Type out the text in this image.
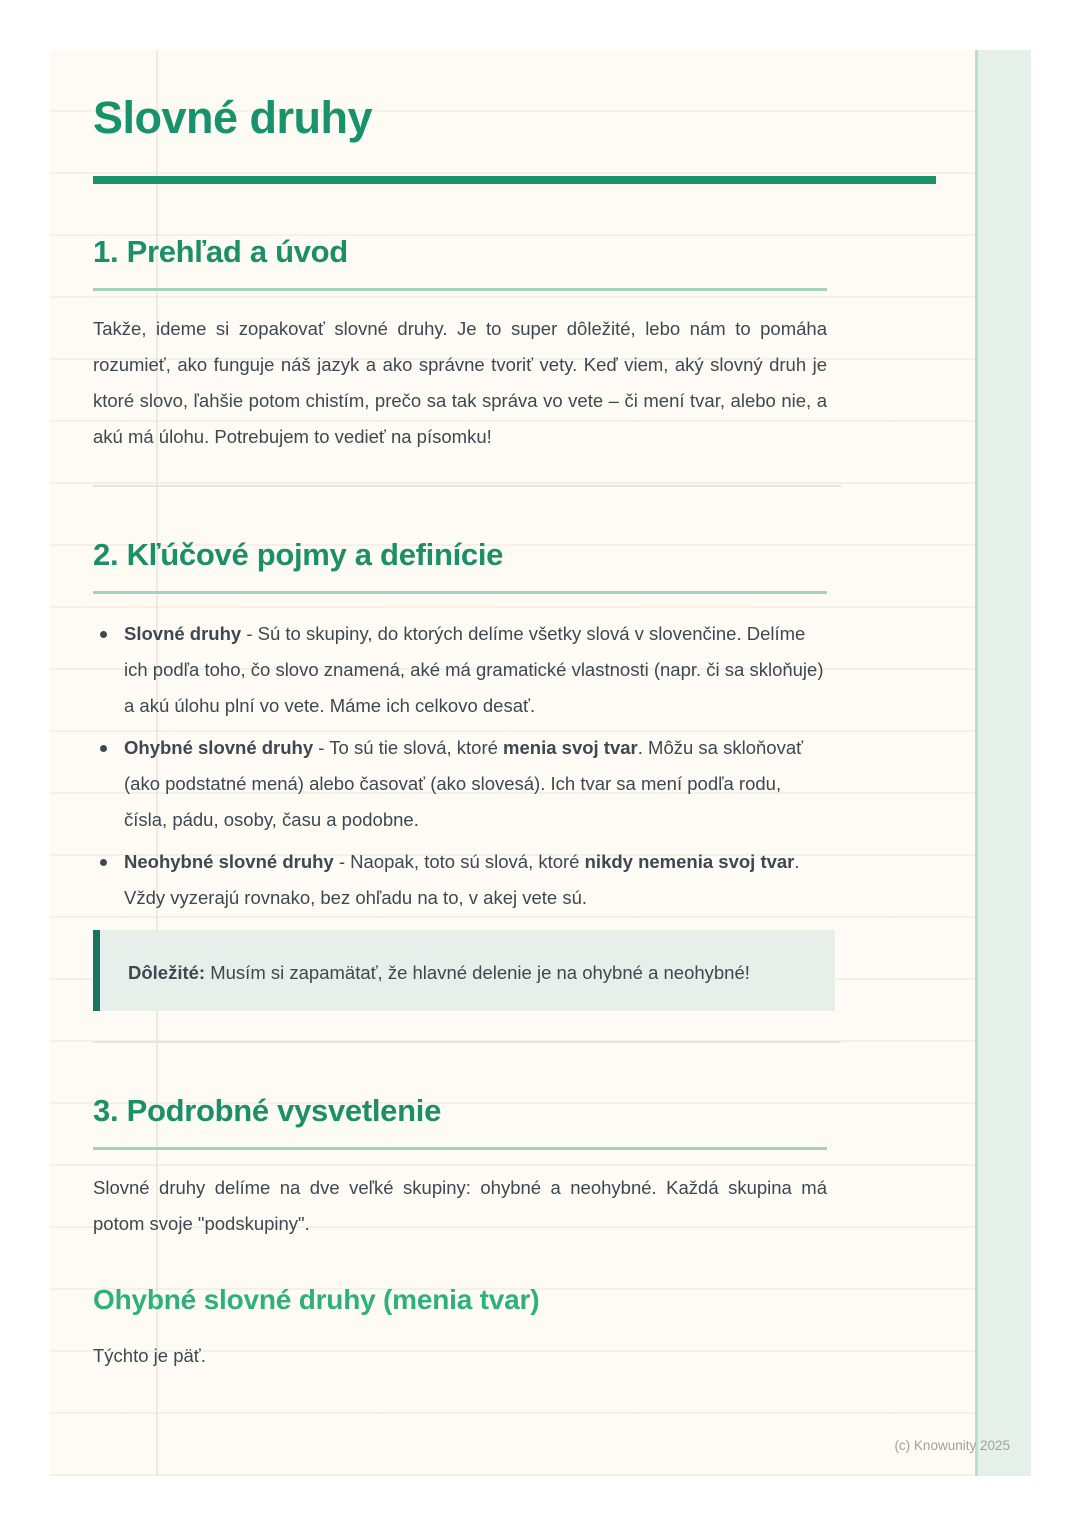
Slovné druhy
1. Prehľad a úvod

Takže, ideme si zopakovať slovné druhy. Je to super dôležité, lebo nám to pomáha rozumieť, ako funguje náš jazyk a ako správne tvoriť vety. Keď viem, aký slovný druh je ktoré slovo, ľahšie potom chistím, prečo sa tak správa vo vete – či mení tvar, alebo nie, a akú má úlohu. Potrebujem to vedieť na písomku!

2. Kľúčové pojmy a definície
Slovné druhy - Sú to skupiny, do ktorých delíme všetky slová v slovenčine. Delíme ich podľa toho, čo slovo znamená, aké má gramatické vlastnosti (napr. či sa skloňuje) a akú úlohu plní vo vete. Máme ich celkovo desať.
Ohybné slovné druhy - To sú tie slová, ktoré menia svoj tvar. Môžu sa skloňovať (ako podstatné mená) alebo časovať (ako slovesá). Ich tvar sa mení podľa rodu, čísla, pádu, osoby, času a podobne.
Neohybné slovné druhy - Naopak, toto sú slová, ktoré nikdy nemenia svoj tvar. Vždy vyzerajú rovnako, bez ohľadu na to, v akej vete sú.
Dôležité: Musím si zapamätať, že hlavné delenie je na ohybné a neohybné!
3. Podrobné vysvetlenie

Slovné druhy delíme na dve veľké skupiny: ohybné a neohybné. Každá skupina má potom svoje "podskupiny".

Ohybné slovné druhy (menia tvar)

Týchto je päť.

(c) Knowunity 2025
